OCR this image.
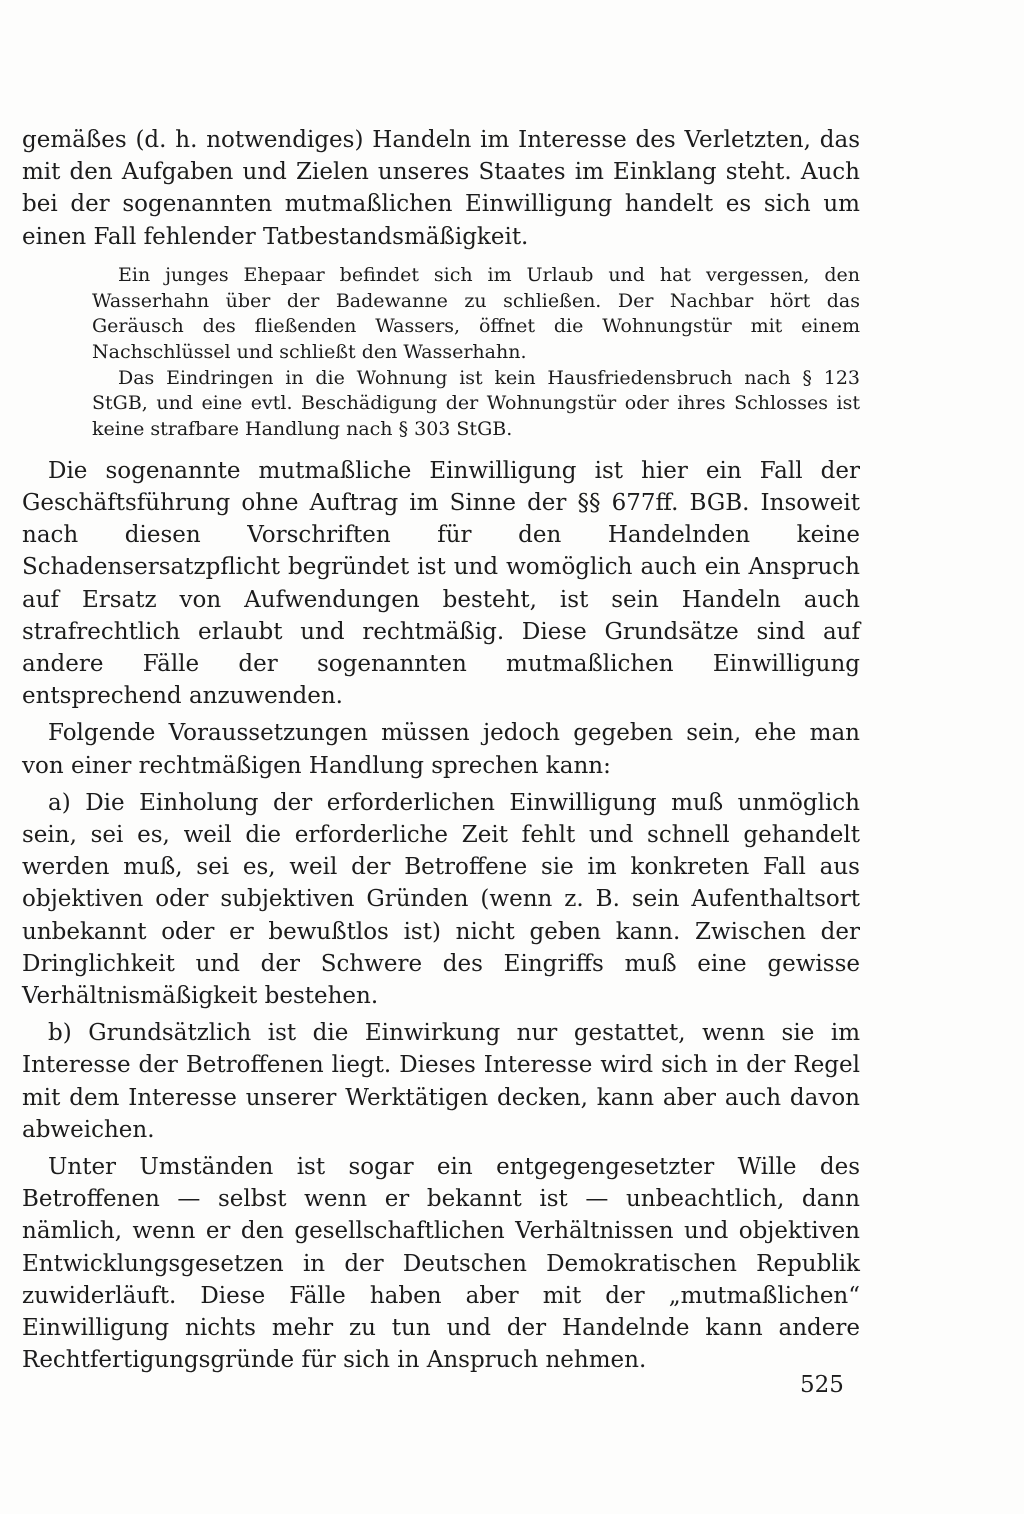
gemäßes (d. h. notwendiges) Handeln im Interesse des Verletzten, das mit den Aufgaben und Zielen unseres Staates im Einklang steht. Auch bei der sogenannten mutmaßlichen Einwilligung handelt es sich um einen Fall fehlender Tatbestandsmäßigkeit.

Ein junges Ehepaar befindet sich im Urlaub und hat vergessen, den Wasserhahn über der Badewanne zu schließen. Der Nachbar hört das Geräusch des fließenden Wassers, öffnet die Wohnungstür mit einem Nachschlüssel und schließt den Wasserhahn.

Das Eindringen in die Wohnung ist kein Hausfriedensbruch nach § 123 StGB, und eine evtl. Beschädigung der Wohnungstür oder ihres Schlosses ist keine strafbare Handlung nach § 303 StGB.

Die sogenannte mutmaßliche Einwilligung ist hier ein Fall der Geschäftsführung ohne Auftrag im Sinne der §§ 677ff. BGB. Insoweit nach diesen Vorschriften für den Handelnden keine Schadensersatzpflicht begründet ist und womöglich auch ein Anspruch auf Ersatz von Aufwendungen besteht, ist sein Handeln auch strafrechtlich erlaubt und rechtmäßig. Diese Grundsätze sind auf andere Fälle der sogenannten mutmaßlichen Einwilligung entsprechend anzuwenden.

Folgende Voraussetzungen müssen jedoch gegeben sein, ehe man von einer rechtmäßigen Handlung sprechen kann:

a) Die Einholung der erforderlichen Einwilligung muß unmöglich sein, sei es, weil die erforderliche Zeit fehlt und schnell gehandelt werden muß, sei es, weil der Betroffene sie im konkreten Fall aus objektiven oder subjektiven Gründen (wenn z. B. sein Aufenthaltsort unbekannt oder er bewußtlos ist) nicht geben kann. Zwischen der Dringlichkeit und der Schwere des Eingriffs muß eine gewisse Verhältnismäßigkeit bestehen.

b) Grundsätzlich ist die Einwirkung nur gestattet, wenn sie im Interesse der Betroffenen liegt. Dieses Interesse wird sich in der Regel mit dem Interesse unserer Werktätigen decken, kann aber auch davon abweichen.

Unter Umständen ist sogar ein entgegengesetzter Wille des Betroffenen — selbst wenn er bekannt ist — unbeachtlich, dann nämlich, wenn er den gesellschaftlichen Verhältnissen und objektiven Entwicklungsgesetzen in der Deutschen Demokratischen Republik zuwiderläuft. Diese Fälle haben aber mit der „mutmaßlichen“ Einwilligung nichts mehr zu tun und der Handelnde kann andere Rechtfertigungsgründe für sich in Anspruch nehmen.

525
